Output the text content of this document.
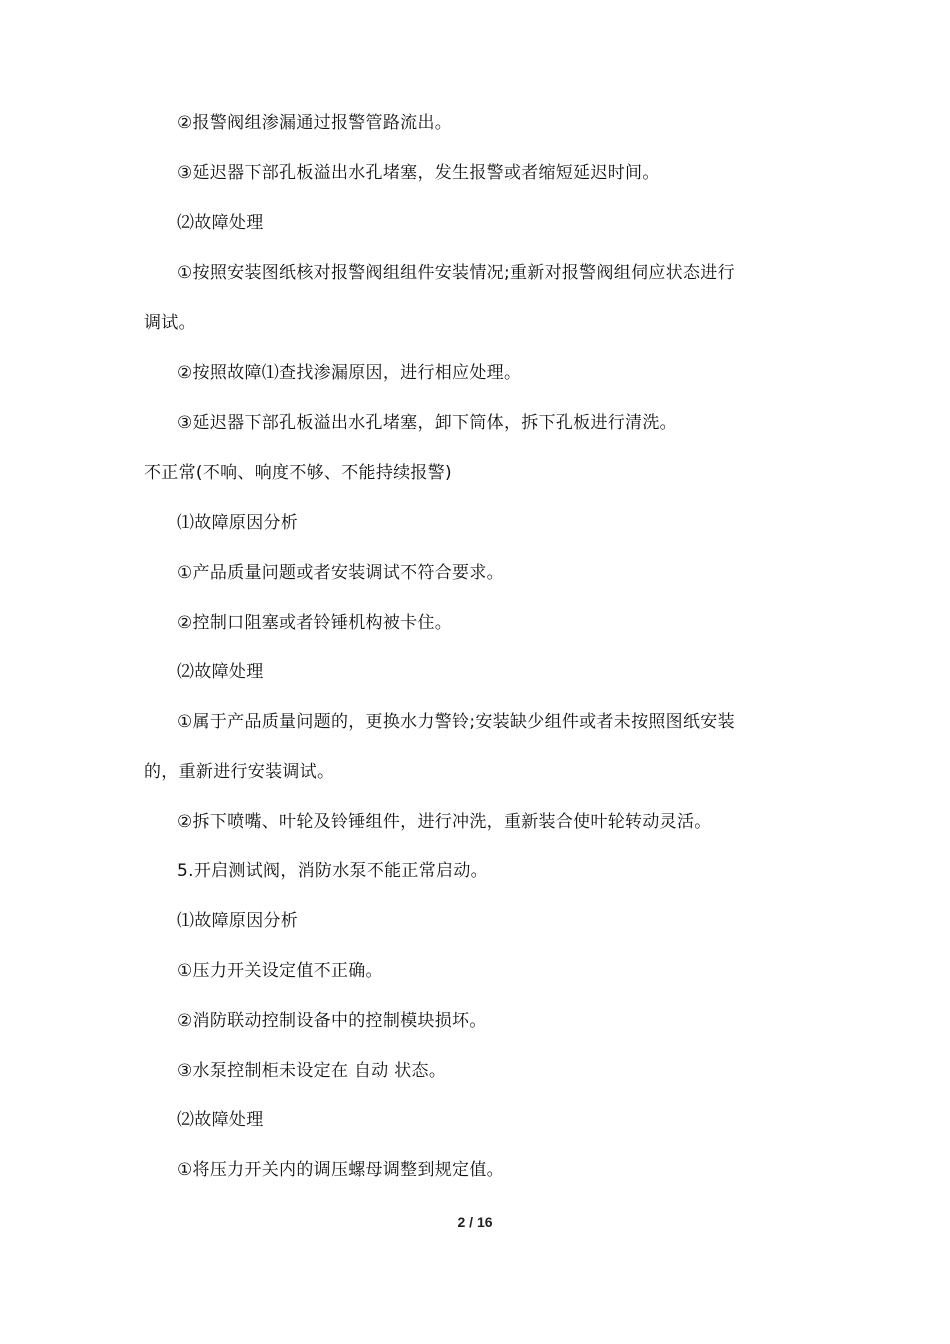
②报警阀组渗漏通过报警管路流出。
③延迟器下部孔板溢出水孔堵塞，发生报警或者缩短延迟时间。
⑵故障处理
①按照安装图纸核对报警阀组组件安装情况;重新对报警阀组伺应状态进行
调试。
②按照故障⑴查找渗漏原因，进行相应处理。
③延迟器下部孔板溢出水孔堵塞，卸下筒体，拆下孔板进行清洗。
不正常(不响、响度不够、不能持续报警)
⑴故障原因分析
①产品质量问题或者安装调试不符合要求。
②控制口阻塞或者铃锤机构被卡住。
⑵故障处理
①属于产品质量问题的，更换水力警铃;安装缺少组件或者未按照图纸安装
的，重新进行安装调试。
②拆下喷嘴、叶轮及铃锤组件，进行冲洗，重新装合使叶轮转动灵活。
5.开启测试阀，消防水泵不能正常启动。
⑴故障原因分析
①压力开关设定值不正确。
②消防联动控制设备中的控制模块损坏。
③水泵控制柜未设定在 自动 状态。
⑵故障处理
①将压力开关内的调压螺母调整到规定值。
2 / 16
